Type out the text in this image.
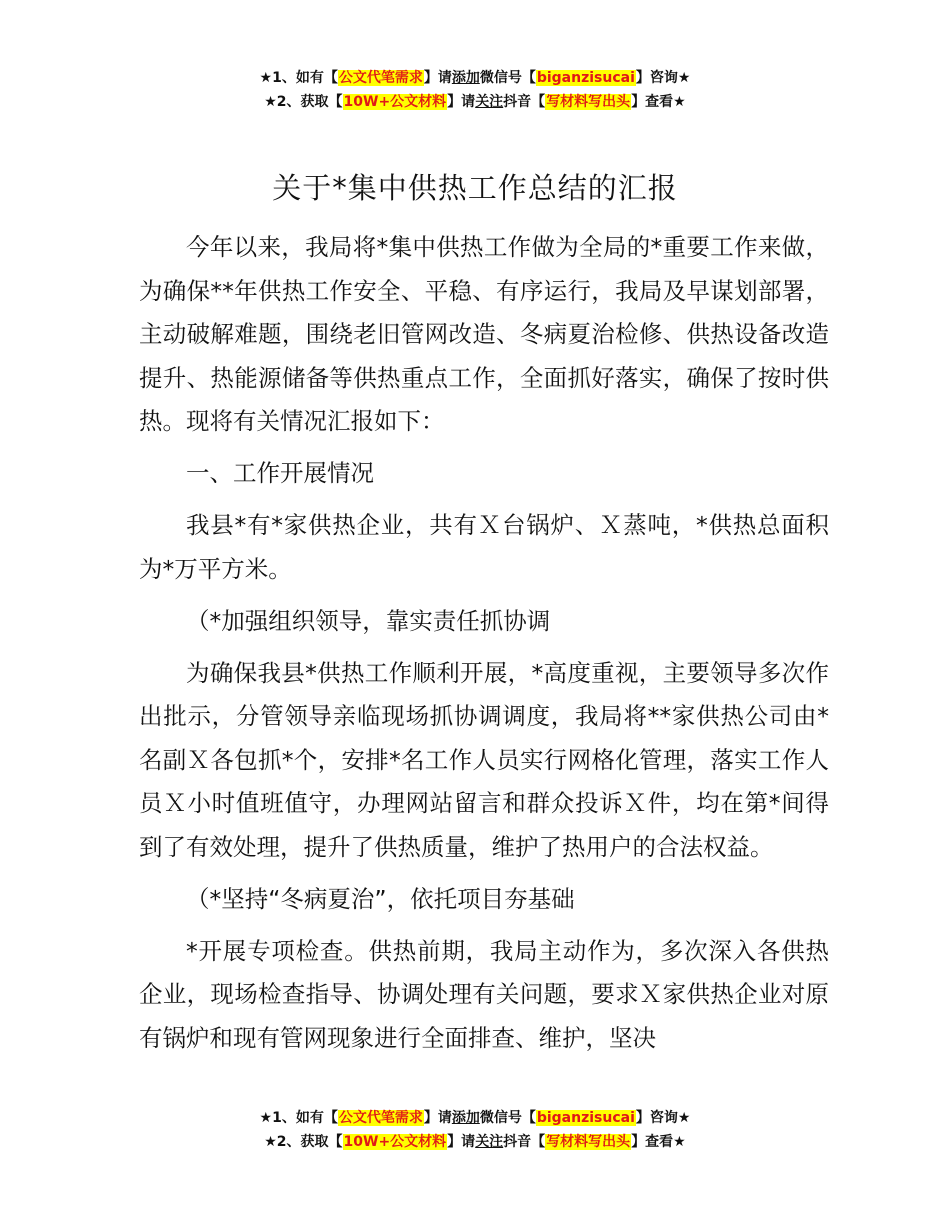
★1、如有【公文代笔需求】请添加微信号【biganzisucai】咨询★
★2、获取【10W+公文材料】请关注抖音【写材料写出头】查看★
关于*集中供热工作总结的汇报

今年以来，我局将*集中供热工作做为全局的*重要工作来做，为确保**年供热工作安全、平稳、有序运行，我局及早谋划部署，主动破解难题，围绕老旧管网改造、冬病夏治检修、供热设备改造提升、热能源储备等供热重点工作，全面抓好落实，确保了按时供热。现将有关情况汇报如下：

一、工作开展情况

我县*有*家供热企业，共有Ｘ台锅炉、Ｘ蒸吨，*供热总面积为*万平方米。

（*加强组织领导，靠实责任抓协调

为确保我县*供热工作顺利开展，*高度重视，主要领导多次作出批示，分管领导亲临现场抓协调调度，我局将**家供热公司由*名副Ｘ各包抓*个，安排*名工作人员实行网格化管理，落实工作人员Ｘ小时值班值守，办理网站留言和群众投诉Ｘ件，均在第*间得到了有效处理，提升了供热质量，维护了热用户的合法权益。

（*坚持“冬病夏治”，依托项目夯基础

*开展专项检查。供热前期，我局主动作为，多次深入各供热企业，现场检查指导、协调处理有关问题，要求Ｘ家供热企业对原有锅炉和现有管网现象进行全面排查、维护，坚决

★1、如有【公文代笔需求】请添加微信号【biganzisucai】咨询★
★2、获取【10W+公文材料】请关注抖音【写材料写出头】查看★
